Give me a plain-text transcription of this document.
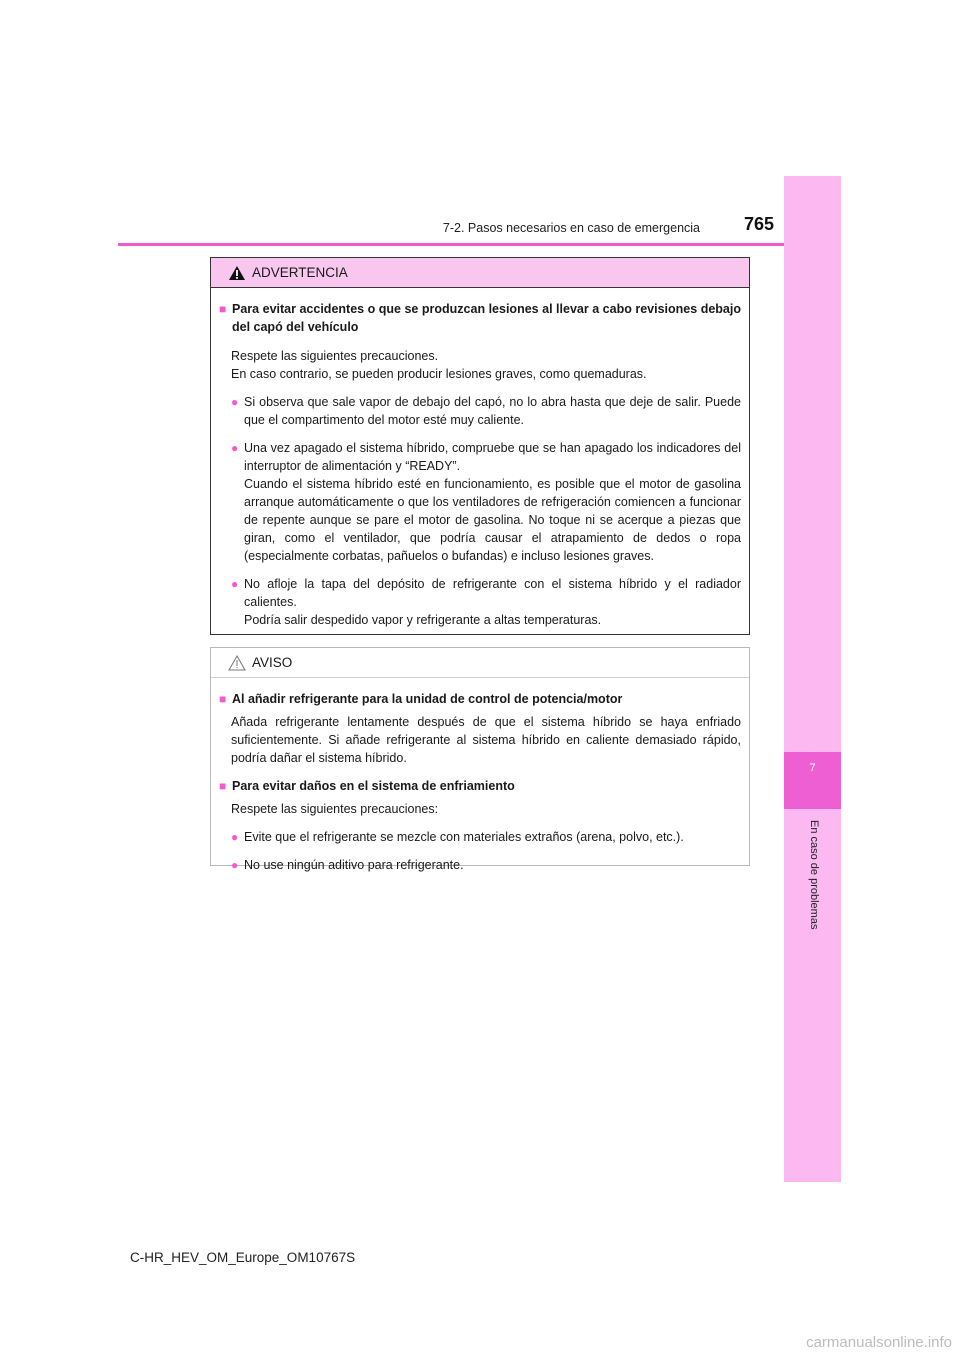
7-2. Pasos necesarios en caso de emergencia	765
7
En caso de problemas
ADVERTENCIA
■ Para evitar accidentes o que se produzcan lesiones al llevar a cabo revisiones debajo del capó del vehículo
Respete las siguientes precauciones.
En caso contrario, se pueden producir lesiones graves, como quemaduras.
● Si observa que sale vapor de debajo del capó, no lo abra hasta que deje de salir. Puede que el compartimento del motor esté muy caliente.
● Una vez apagado el sistema híbrido, compruebe que se han apagado los indicadores del interruptor de alimentación y “READY”.
Cuando el sistema híbrido esté en funcionamiento, es posible que el motor de gasolina arranque automáticamente o que los ventiladores de refrigeración comiencen a funcionar de repente aunque se pare el motor de gasolina. No toque ni se acerque a piezas que giran, como el ventilador, que podría causar el atrapamiento de dedos o ropa (especialmente corbatas, pañuelos o bufandas) e incluso lesiones graves.
● No afloje la tapa del depósito de refrigerante con el sistema híbrido y el radiador calientes.
Podría salir despedido vapor y refrigerante a altas temperaturas.
AVISO
■ Al añadir refrigerante para la unidad de control de potencia/motor
Añada refrigerante lentamente después de que el sistema híbrido se haya enfriado suficientemente. Si añade refrigerante al sistema híbrido en caliente demasiado rápido, podría dañar el sistema híbrido.
■ Para evitar daños en el sistema de enfriamiento
Respete las siguientes precauciones:
● Evite que el refrigerante se mezcle con materiales extraños (arena, polvo, etc.).
● No use ningún aditivo para refrigerante.
C-HR_HEV_OM_Europe_OM10767S
carmanualsonline.info
